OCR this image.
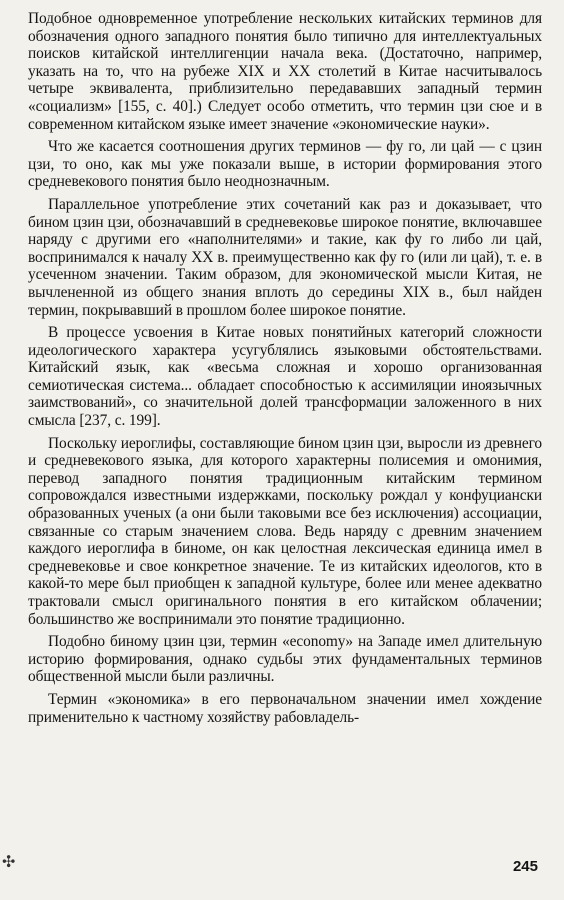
Подобное одновременное употребление нескольких китайских терминов для обозначения одного западного понятия было типично для интеллектуальных поисков китайской интеллигенции начала века. (Достаточно, например, указать на то, что на рубеже XIX и XX столетий в Китае насчитывалось четыре эквивалента, приблизительно передававших западный термин «социализм» [155, с. 40].) Следует особо отметить, что термин цзи сюе и в современном китайском языке имеет значение «экономические науки».

Что же касается соотношения других терминов — фу го, ли цай — с цзин цзи, то оно, как мы уже показали выше, в истории формирования этого средневекового понятия было неоднозначным.

Параллельное употребление этих сочетаний как раз и доказывает, что бином цзин цзи, обозначавший в средневековье широкое понятие, включавшее наряду с другими его «наполнителями» и такие, как фу го либо ли цай, воспринимался к началу XX в. преимущественно как фу го (или ли цай), т. е. в усеченном значении. Таким образом, для экономической мысли Китая, не вычлененной из общего знания вплоть до середины XIX в., был найден термин, покрывавший в прошлом более широкое понятие.

В процессе усвоения в Китае новых понятийных категорий сложности идеологического характера усугублялись языковыми обстоятельствами. Китайский язык, как «весьма сложная и хорошо организованная семиотическая система... обладает способностью к ассимиляции иноязычных заимствований», со значительной долей трансформации заложенного в них смысла [237, с. 199].

Поскольку иероглифы, составляющие бином цзин цзи, выросли из древнего и средневекового языка, для которого характерны полисемия и омонимия, перевод западного понятия традиционным китайским термином сопровождался известными издержками, поскольку рождал у конфуциански образованных ученых (а они были таковыми все без исключения) ассоциации, связанные со старым значением слова. Ведь наряду с древним значением каждого иероглифа в биноме, он как целостная лексическая единица имел в средневековье и свое конкретное значение. Те из китайских идеологов, кто в какой-то мере был приобщен к западной культуре, более или менее адекватно трактовали смысл оригинального понятия в его китайском облачении; большинство же воспринимали это понятие традиционно.

Подобно биному цзин цзи, термин «economy» на Западе имел длительную историю формирования, однако судьбы этих фундаментальных терминов общественной мысли были различны.

Термин «экономика» в его первоначальном значении имел хождение применительно к частному хозяйству рабовладель-

✣	245
